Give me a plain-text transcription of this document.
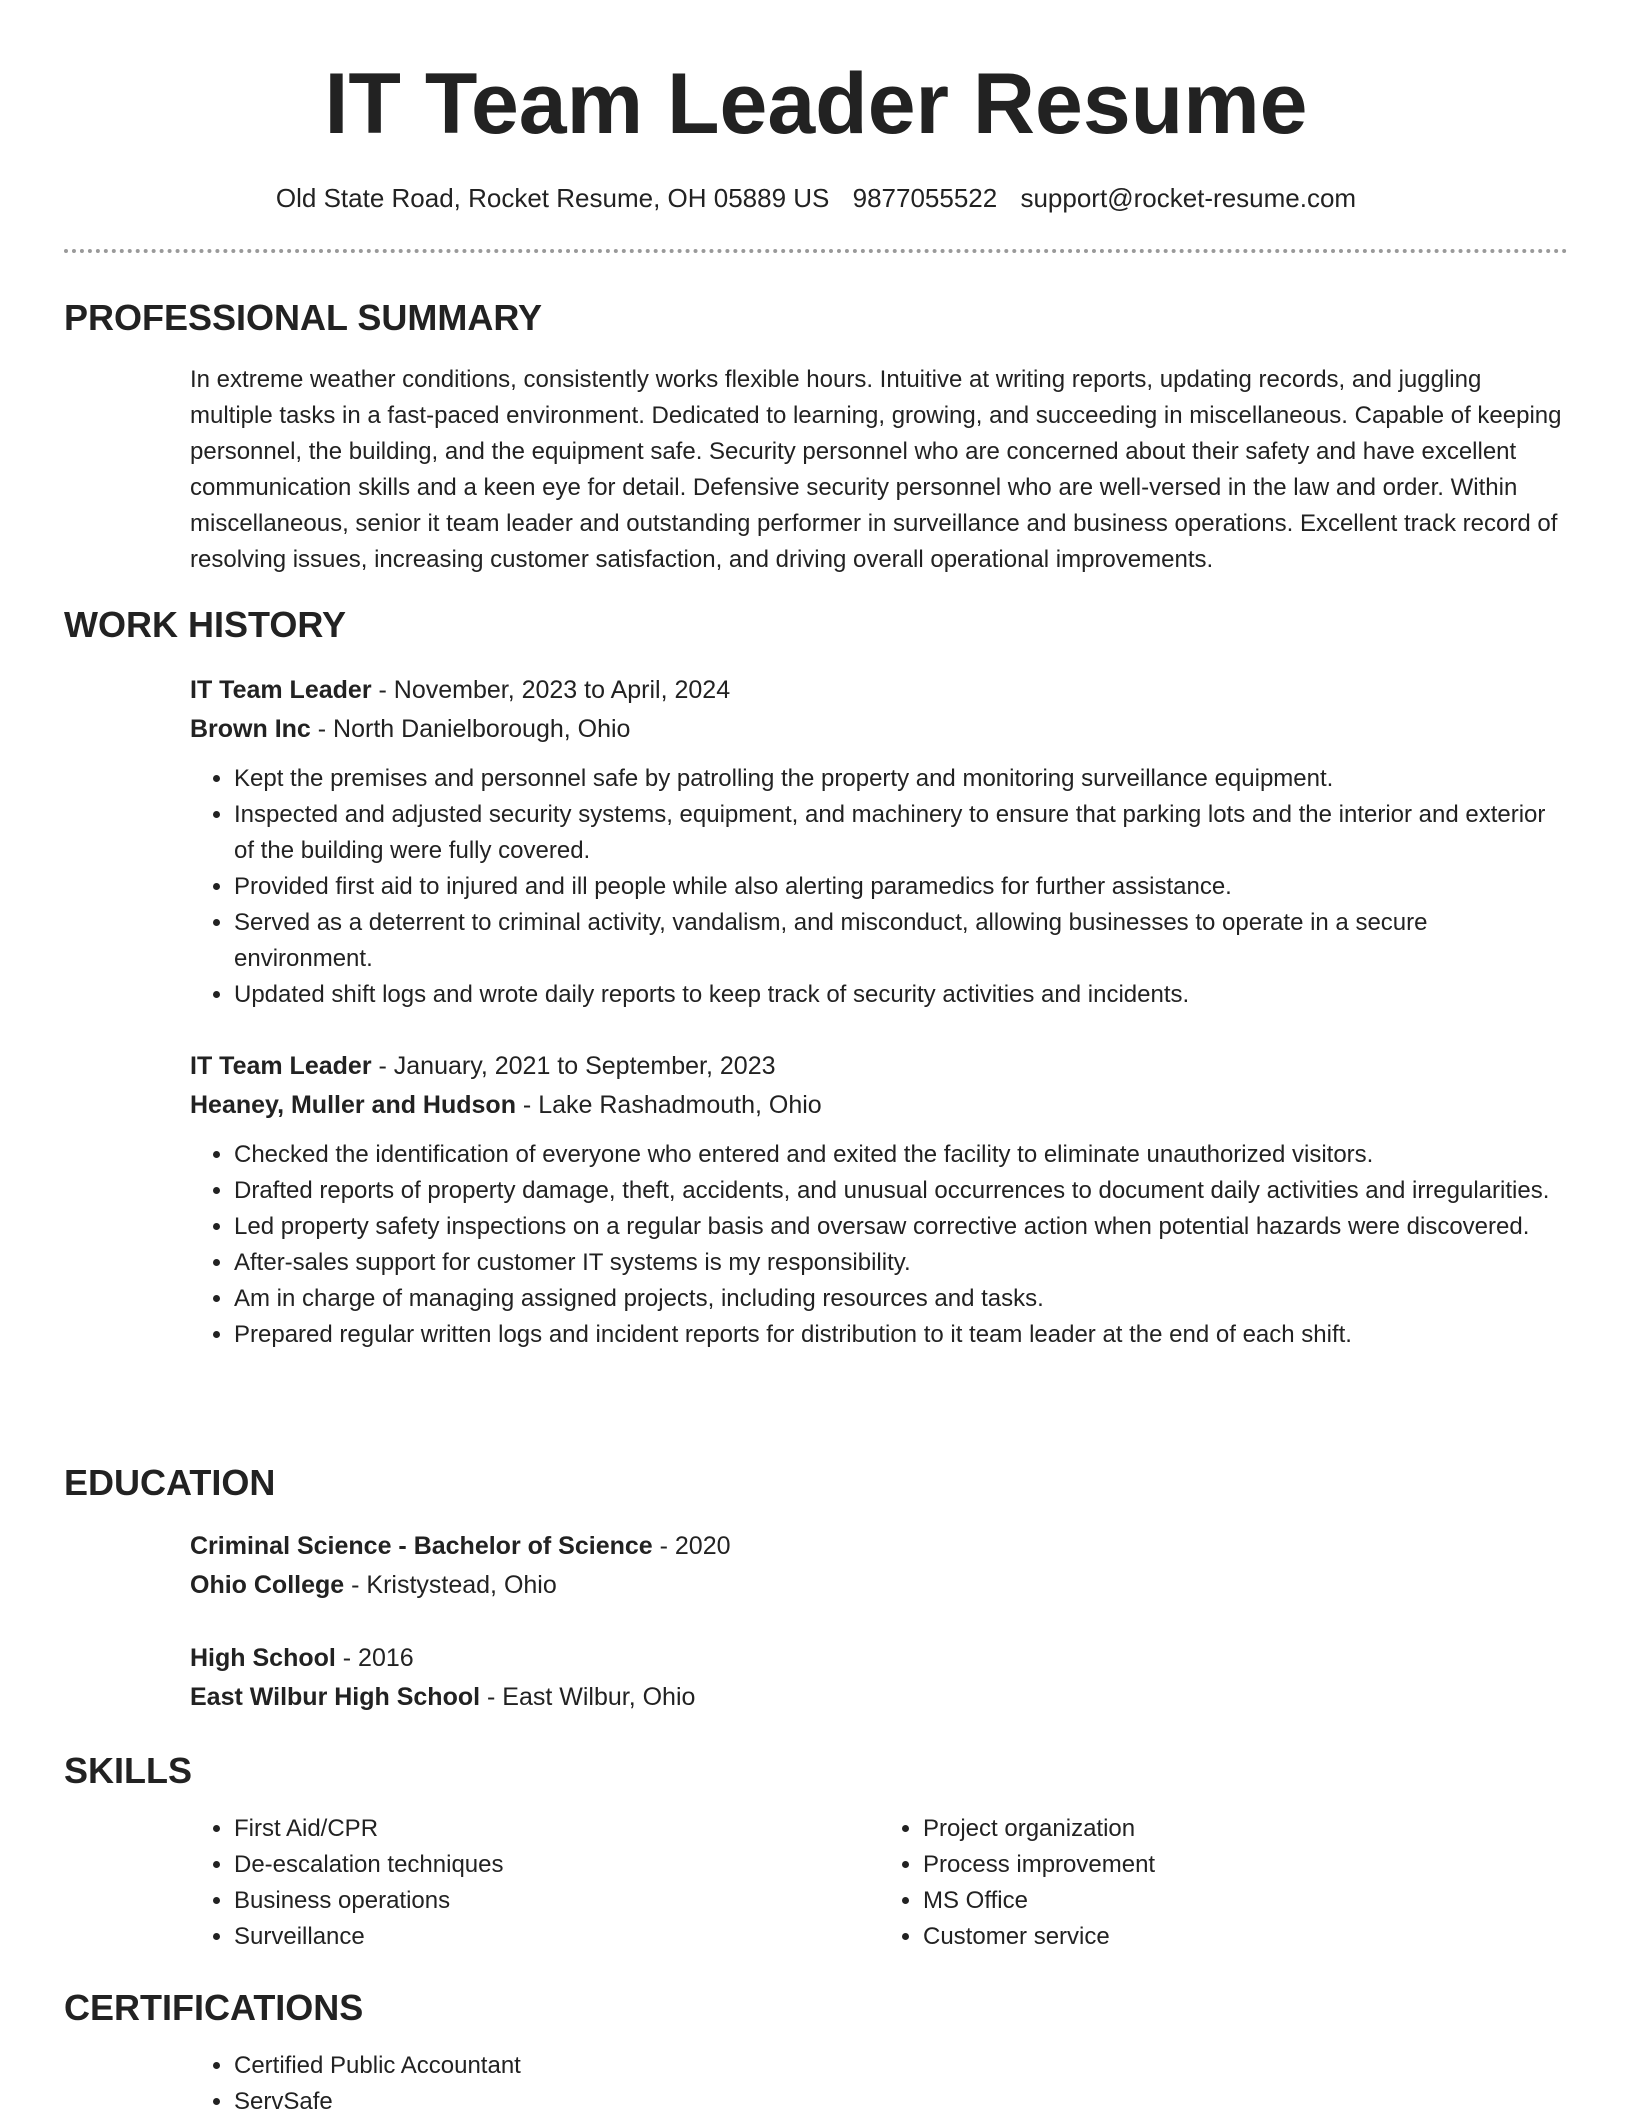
IT Team Leader Resume
Old State Road, Rocket Resume, OH 05889 US 9877055522 support@rocket-resume.com
PROFESSIONAL SUMMARY

In extreme weather conditions, consistently works flexible hours. Intuitive at writing reports, updating records, and juggling multiple tasks in a fast-paced environment. Dedicated to learning, growing, and succeeding in miscellaneous. Capable of keeping personnel, the building, and the equipment safe. Security personnel who are concerned about their safety and have excellent communication skills and a keen eye for detail. Defensive security personnel who are well-versed in the law and order. Within miscellaneous, senior it team leader and outstanding performer in surveillance and business operations. Excellent track record of resolving issues, increasing customer satisfaction, and driving overall operational improvements.

WORK HISTORY
IT Team Leader - November, 2023 to April, 2024
Brown Inc - North Danielborough, Ohio
• Kept the premises and personnel safe by patrolling the property and monitoring surveillance equipment.
• Inspected and adjusted security systems, equipment, and machinery to ensure that parking lots and the interior and exterior of the building were fully covered.
• Provided first aid to injured and ill people while also alerting paramedics for further assistance.
• Served as a deterrent to criminal activity, vandalism, and misconduct, allowing businesses to operate in a secure environment.
• Updated shift logs and wrote daily reports to keep track of security activities and incidents.
IT Team Leader - January, 2021 to September, 2023
Heaney, Muller and Hudson - Lake Rashadmouth, Ohio
• Checked the identification of everyone who entered and exited the facility to eliminate unauthorized visitors.
• Drafted reports of property damage, theft, accidents, and unusual occurrences to document daily activities and irregularities.
• Led property safety inspections on a regular basis and oversaw corrective action when potential hazards were discovered.
• After-sales support for customer IT systems is my responsibility.
• Am in charge of managing assigned projects, including resources and tasks.
• Prepared regular written logs and incident reports for distribution to it team leader at the end of each shift.
EDUCATION
Criminal Science - Bachelor of Science - 2020
Ohio College - Kristystead, Ohio
High School - 2016
East Wilbur High School - East Wilbur, Ohio
SKILLS
• First Aid/CPR
• De-escalation techniques
• Business operations
• Surveillance
• Project organization
• Process improvement
• MS Office
• Customer service
CERTIFICATIONS
• Certified Public Accountant
• ServSafe
